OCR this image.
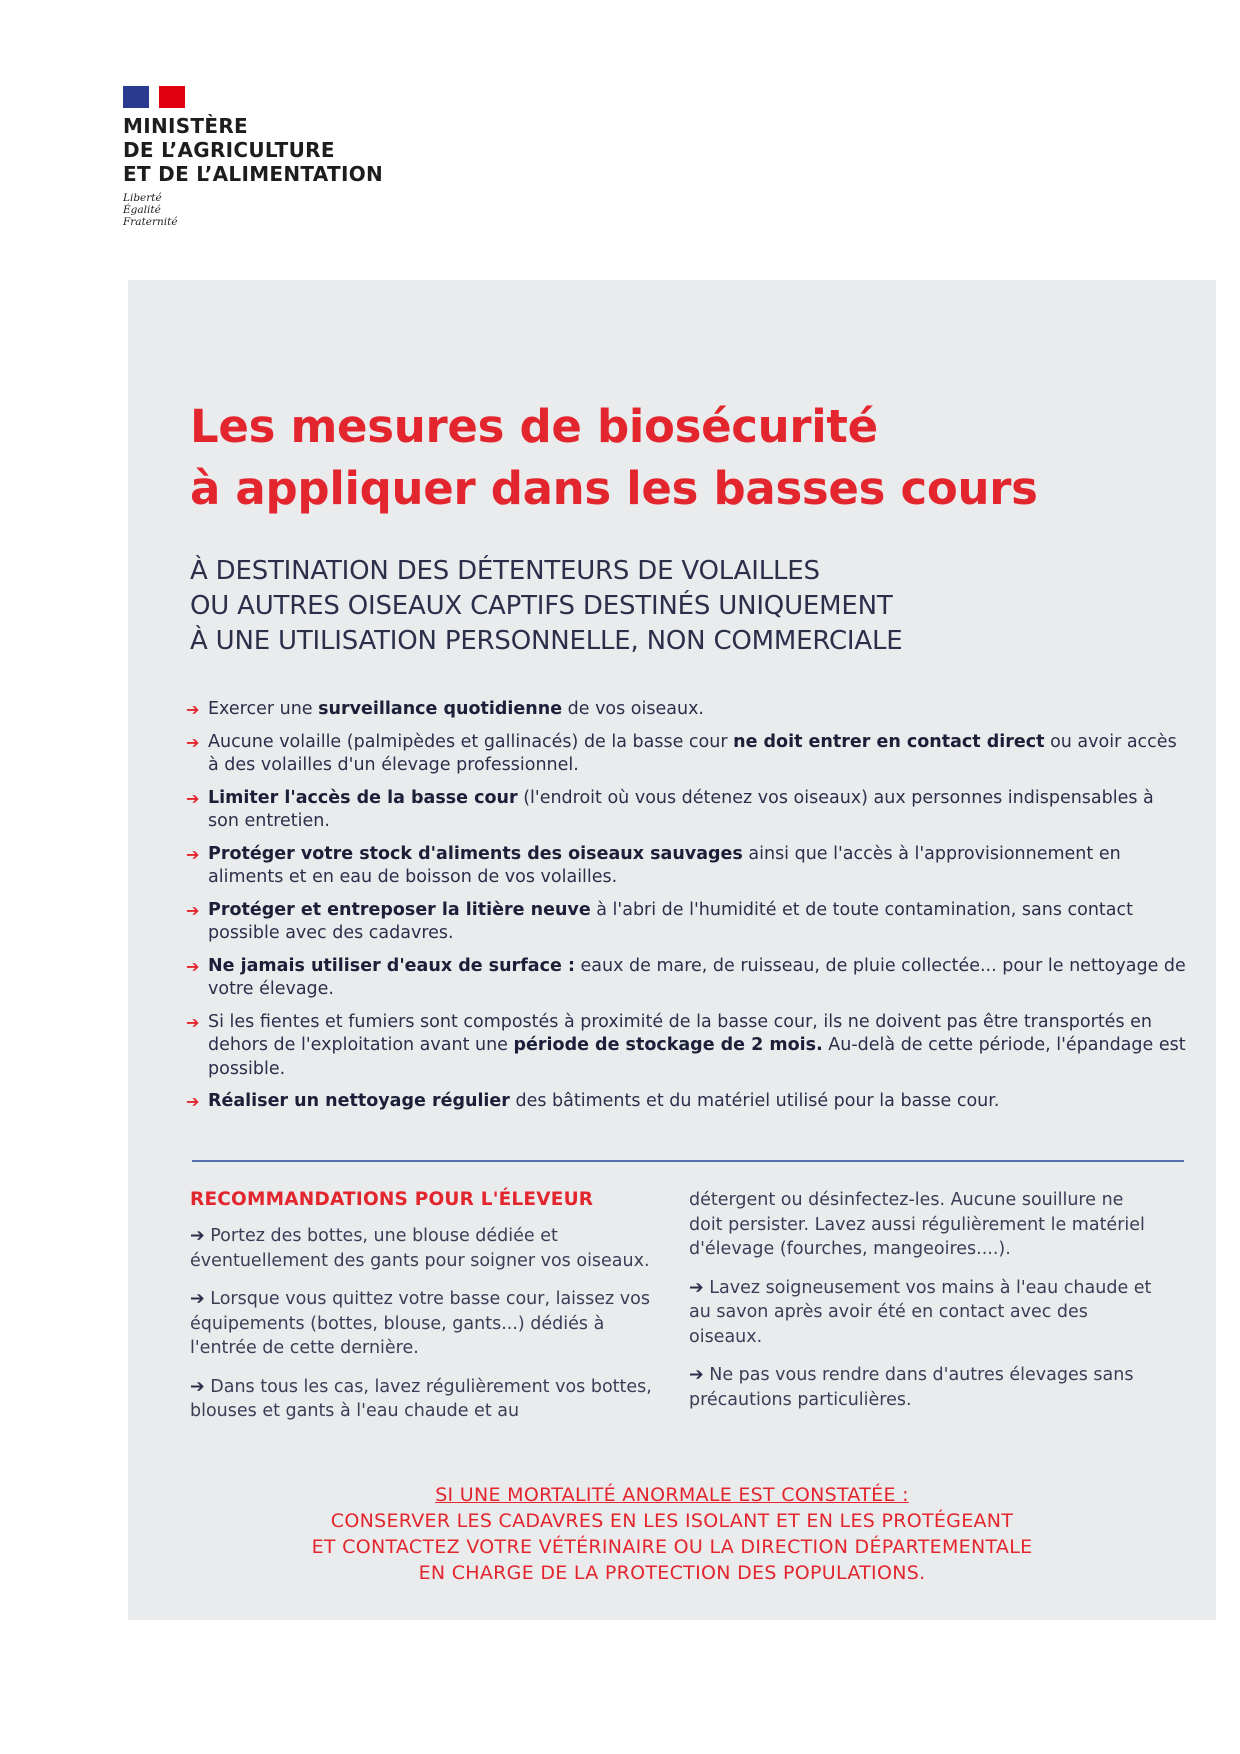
MINISTÈRE
DE L’AGRICULTURE
ET DE L’ALIMENTATION
Liberté
Égalité
Fraternité
Les mesures de biosécurité
à appliquer dans les basses cours
À DESTINATION DES DÉTENTEURS DE VOLAILLES
OU AUTRES OISEAUX CAPTIFS DESTINÉS UNIQUEMENT
À UNE UTILISATION PERSONNELLE, NON COMMERCIALE
➔ Exercer une surveillance quotidienne de vos oiseaux.
➔ Aucune volaille (palmipèdes et gallinacés) de la basse cour ne doit entrer en contact direct ou avoir accès à des volailles d'un élevage professionnel.
➔ Limiter l'accès de la basse cour (l'endroit où vous détenez vos oiseaux) aux personnes indispensables à son entretien.
➔ Protéger votre stock d'aliments des oiseaux sauvages ainsi que l'accès à l'approvisionnement en aliments et en eau de boisson de vos volailles.
➔ Protéger et entreposer la litière neuve à l'abri de l'humidité et de toute contamination, sans contact possible avec des cadavres.
➔ Ne jamais utiliser d'eaux de surface : eaux de mare, de ruisseau, de pluie collectée... pour le nettoyage de votre élevage.
➔ Si les fientes et fumiers sont compostés à proximité de la basse cour, ils ne doivent pas être transportés en dehors de l'exploitation avant une période de stockage de 2 mois. Au-delà de cette période, l'épandage est possible.
➔ Réaliser un nettoyage régulier des bâtiments et du matériel utilisé pour la basse cour.
RECOMMANDATIONS POUR L'ÉLEVEUR

➔ Portez des bottes, une blouse dédiée et éventuellement des gants pour soigner vos oiseaux.

➔ Lorsque vous quittez votre basse cour, laissez vos équipements (bottes, blouse, gants...) dédiés à l'entrée de cette dernière.

➔ Dans tous les cas, lavez régulièrement vos bottes, blouses et gants à l'eau chaude et au

détergent ou désinfectez-les. Aucune souillure ne doit persister. Lavez aussi régulièrement le matériel d'élevage (fourches, mangeoires....).

➔ Lavez soigneusement vos mains à l'eau chaude et au savon après avoir été en contact avec des oiseaux.

➔ Ne pas vous rendre dans d'autres élevages sans précautions particulières.

SI UNE MORTALITÉ ANORMALE EST CONSTATÉE :
CONSERVER LES CADAVRES EN LES ISOLANT ET EN LES PROTÉGEANT
ET CONTACTEZ VOTRE VÉTÉRINAIRE OU LA DIRECTION DÉPARTEMENTALE
EN CHARGE DE LA PROTECTION DES POPULATIONS.
